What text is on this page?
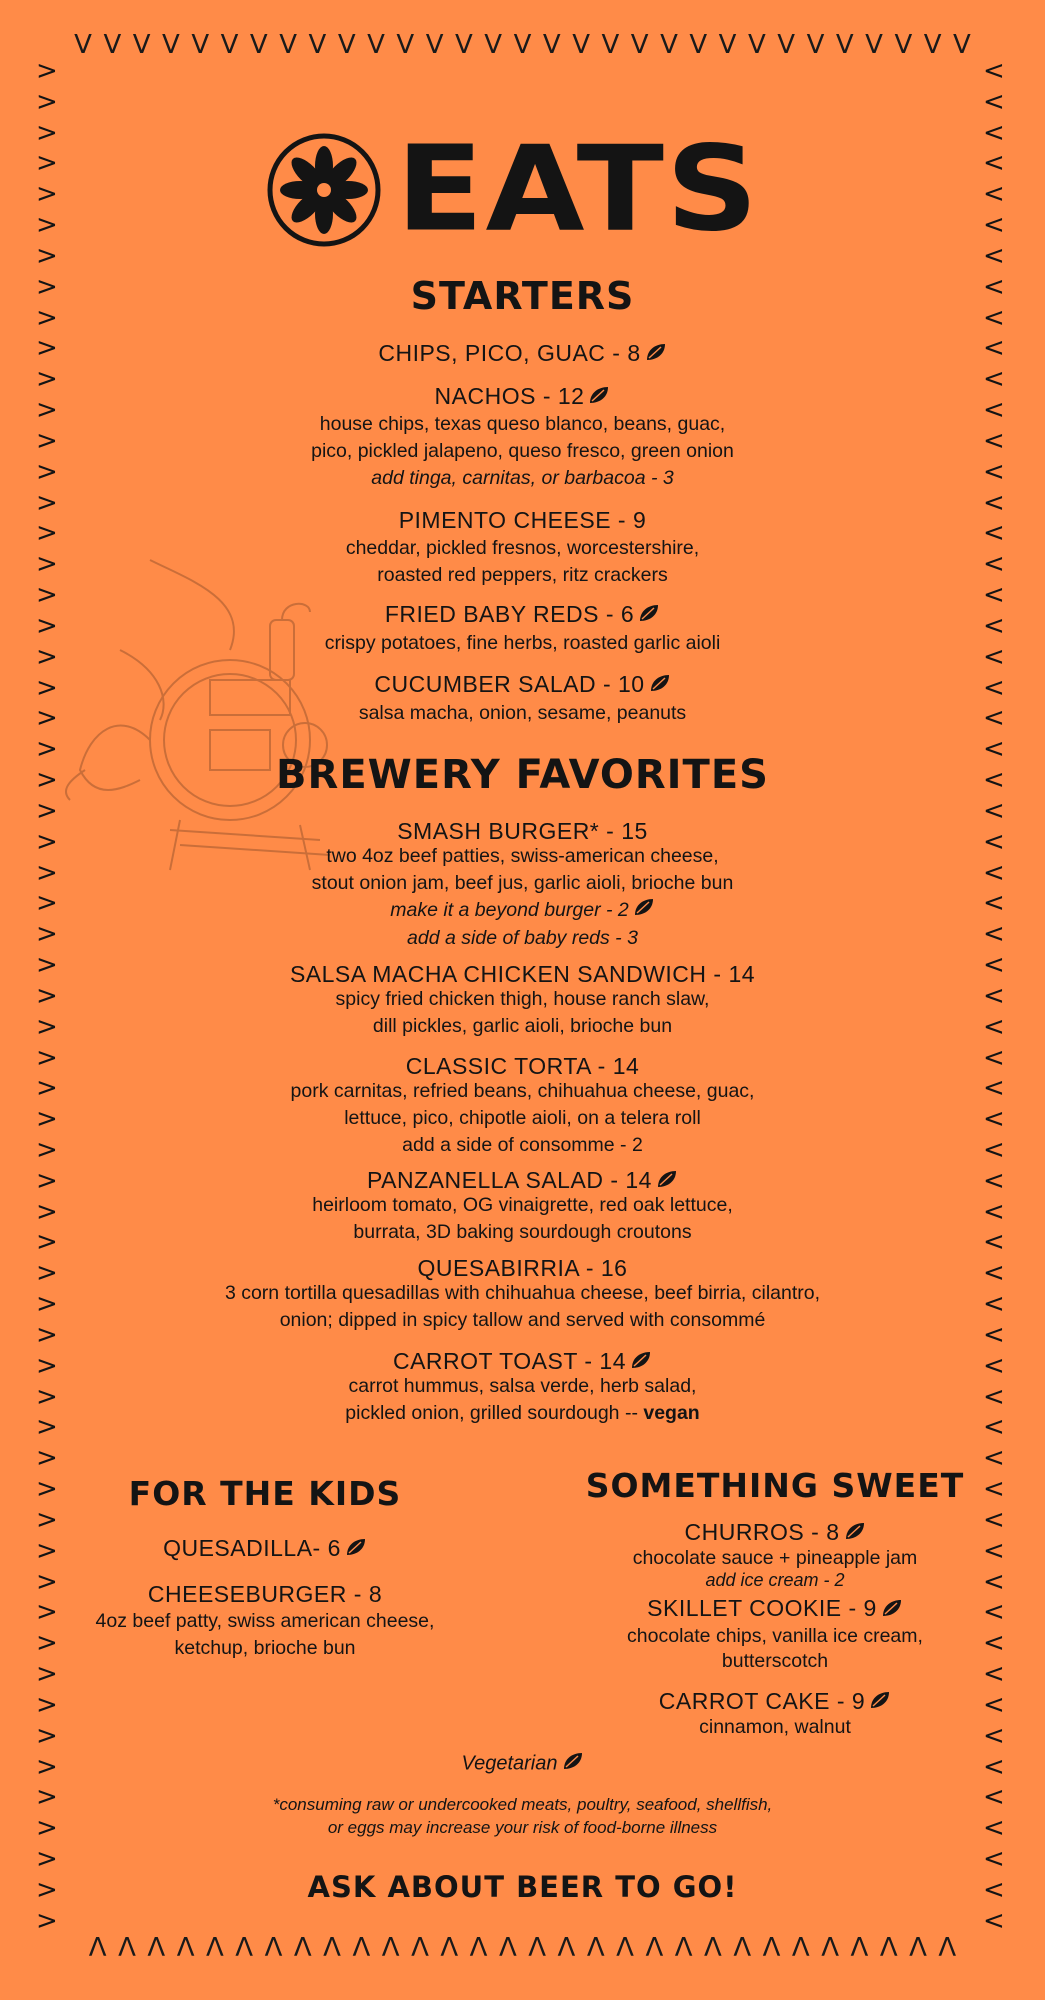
V V V V V V V V V V V V V V V V V V V V V V V V V V V V V V V
Λ Λ Λ Λ Λ Λ Λ Λ Λ Λ Λ Λ Λ Λ Λ Λ Λ Λ Λ Λ Λ Λ Λ Λ Λ Λ Λ Λ Λ Λ
>
>
>
>
>
>
>
>
>
>
>
>
>
>
>
>
>
>
>
>
>
>
>
>
>
>
>
>
>
>
>
>
>
>
>
>
>
>
>
>
>
>
>
>
>
>
>
>
>
>
>
>
>
>
>
>
>
>
>
>
>
<
<
<
<
<
<
<
<
<
<
<
<
<
<
<
<
<
<
<
<
<
<
<
<
<
<
<
<
<
<
<
<
<
<
<
<
<
<
<
<
<
<
<
<
<
<
<
<
<
<
<
<
<
<
<
<
<
<
<
<
<
EATS
STARTERS
CHIPS, PICO, GUAC - 8
NACHOS - 12
house chips, texas queso blanco, beans, guac,
pico, pickled jalapeno, queso fresco, green onion
add tinga, carnitas, or barbacoa - 3
PIMENTO CHEESE - 9
cheddar, pickled fresnos, worcestershire,
roasted red peppers, ritz crackers
FRIED BABY REDS - 6
crispy potatoes, fine herbs, roasted garlic aioli
CUCUMBER SALAD - 10
salsa macha, onion, sesame, peanuts
BREWERY FAVORITES
SMASH BURGER* - 15
two 4oz beef patties, swiss-american cheese,
stout onion jam, beef jus, garlic aioli, brioche bun
make it a beyond burger - 2
add a side of baby reds - 3
SALSA MACHA CHICKEN SANDWICH - 14
spicy fried chicken thigh, house ranch slaw,
dill pickles, garlic aioli, brioche bun
CLASSIC TORTA - 14
pork carnitas, refried beans, chihuahua cheese, guac,
lettuce, pico, chipotle aioli, on a telera roll
add a side of consomme - 2
PANZANELLA SALAD - 14
heirloom tomato, OG vinaigrette, red oak lettuce,
burrata, 3D baking sourdough croutons
QUESABIRRIA - 16
3 corn tortilla quesadillas with chihuahua cheese, beef birria, cilantro,
onion; dipped in spicy tallow and served with consommé
CARROT TOAST - 14
carrot hummus, salsa verde, herb salad,
pickled onion, grilled sourdough -- vegan
FOR THE KIDS
QUESADILLA- 6
CHEESEBURGER - 8
4oz beef patty, swiss american cheese,
ketchup, brioche bun
SOMETHING SWEET
CHURROS - 8
chocolate sauce + pineapple jam
add ice cream - 2
SKILLET COOKIE - 9
chocolate chips, vanilla ice cream,
butterscotch
CARROT CAKE - 9
cinnamon, walnut
Vegetarian
*consuming raw or undercooked meats, poultry, seafood, shellfish,
or eggs may increase your risk of food-borne illness
ASK ABOUT BEER TO GO!
